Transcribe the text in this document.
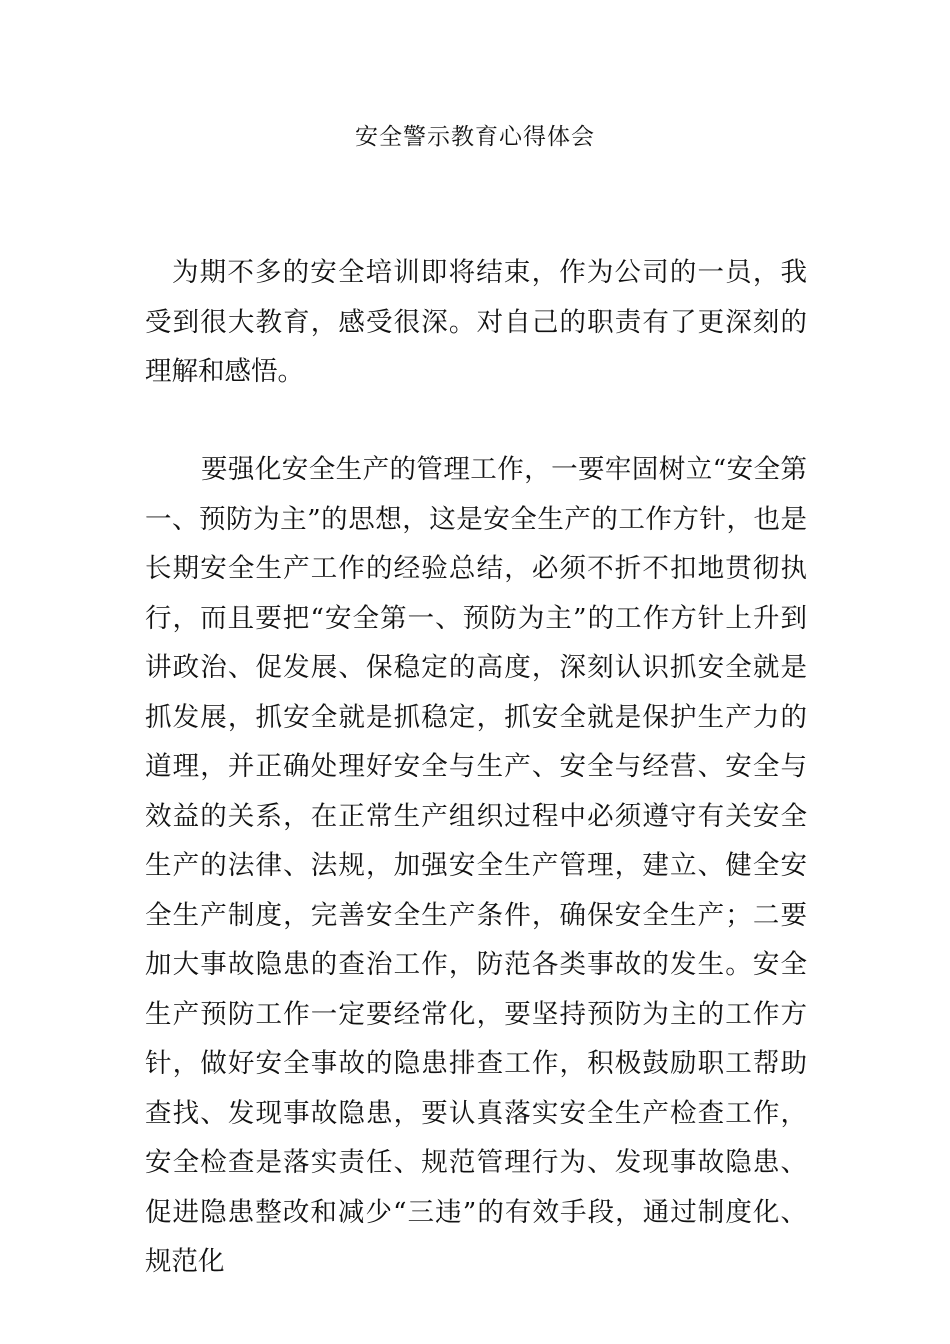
安全警示教育心得体会

为期不多的安全培训即将结束，作为公司的一员，我受到很大教育，感受很深。对自己的职责有了更深刻的理解和感悟。

要强化安全生产的管理工作，一要牢固树立“安全第一、预防为主”的思想，这是安全生产的工作方针，也是长期安全生产工作的经验总结，必须不折不扣地贯彻执行，而且要把“安全第一、预防为主”的工作方针上升到讲政治、促发展、保稳定的高度，深刻认识抓安全就是抓发展，抓安全就是抓稳定，抓安全就是保护生产力的道理，并正确处理好安全与生产、安全与经营、安全与效益的关系，在正常生产组织过程中必须遵守有关安全生产的法律、法规，加强安全生产管理，建立、健全安全生产制度，完善安全生产条件，确保安全生产；二要加大事故隐患的查治工作，防范各类事故的发生。安全生产预防工作一定要经常化，要坚持预防为主的工作方针，做好安全事故的隐患排查工作，积极鼓励职工帮助查找、发现事故隐患，要认真落实安全生产检查工作，安全检查是落实责任、规范管理行为、发现事故隐患、促进隐患整改和减少“三违”的有效手段，通过制度化、规范化
